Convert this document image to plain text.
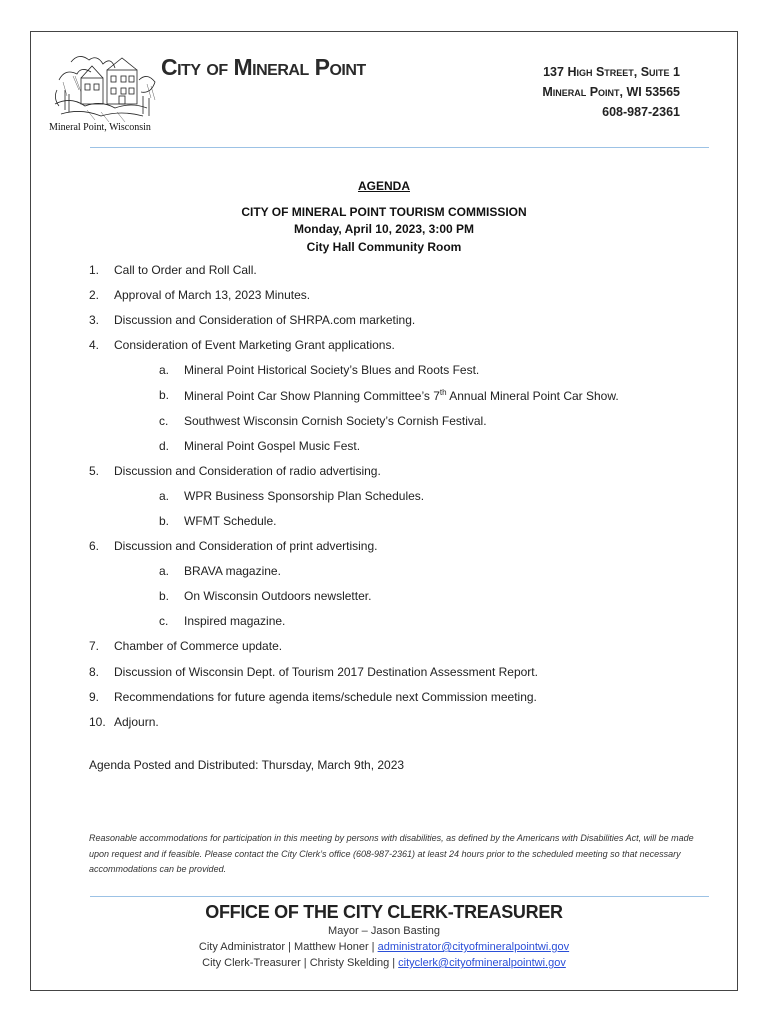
Mineral Point, Wisconsin
City of Mineral Point	137 High Street, Suite 1
Mineral Point, WI 53565
608-987-2361
AGENDA
CITY OF MINERAL POINT TOURISM COMMISSION
Monday, April 10, 2023, 3:00 PM
City Hall Community Room
1.	Call to Order and Roll Call.
2.	Approval of March 13, 2023 Minutes.
3.	Discussion and Consideration of SHRPA.com marketing.
4.	Consideration of Event Marketing Grant applications.
a.	Mineral Point Historical Society’s Blues and Roots Fest.
b.	Mineral Point Car Show Planning Committee’s 7th Annual Mineral Point Car Show.
c.	Southwest Wisconsin Cornish Society’s Cornish Festival.
d.	Mineral Point Gospel Music Fest.
5.	Discussion and Consideration of radio advertising.
a.	WPR Business Sponsorship Plan Schedules.
b.	WFMT Schedule.
6.	Discussion and Consideration of print advertising.
a.	BRAVA magazine.
b.	On Wisconsin Outdoors newsletter.
c.	Inspired magazine.
7.	Chamber of Commerce update.
8.	Discussion of Wisconsin Dept. of Tourism 2017 Destination Assessment Report.
9.	Recommendations for future agenda items/schedule next Commission meeting.
10. Adjourn.
Agenda Posted and Distributed: Thursday, March 9th, 2023
Reasonable accommodations for participation in this meeting by persons with disabilities, as defined by the Americans with Disabilities Act, will be made upon request and if feasible. Please contact the City Clerk’s office (608-987-2361) at least 24 hours prior to the scheduled meeting so that necessary accommodations can be provided.
OFFICE OF THE CITY CLERK-TREASURER
Mayor – Jason Basting
City Administrator | Matthew Honer | administrator@cityofmineralpointwi.gov
City Clerk-Treasurer | Christy Skelding | cityclerk@cityofmineralpointwi.gov
